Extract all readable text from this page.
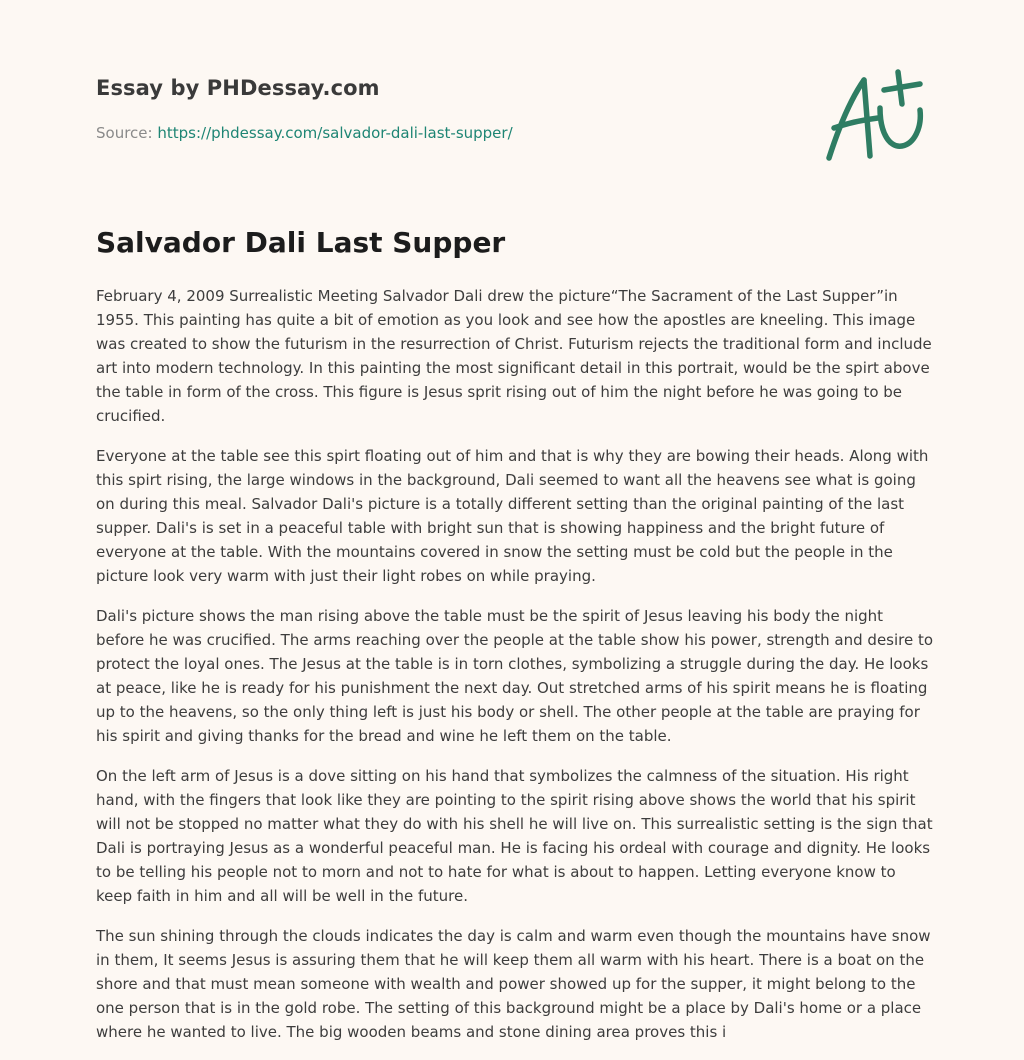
Essay by PHDessay.com
Source: https://phdessay.com/salvador-dali-last-supper/
Salvador Dali Last Supper

February 4, 2009 Surrealistic Meeting Salvador Dali drew the picture“The Sacrament of the Last Supper”in 1955. This painting has quite a bit of emotion as you look and see how the apostles are kneeling. This image was created to show the futurism in the resurrection of Christ. Futurism rejects the traditional form and include art into modern technology. In this painting the most significant detail in this portrait, would be the spirt above the table in form of the cross. This figure is Jesus sprit rising out of him the night before he was going to be crucified.

Everyone at the table see this spirt floating out of him and that is why they are bowing their heads. Along with this spirt rising, the large windows in the background, Dali seemed to want all the heavens see what is going on during this meal. Salvador Dali's picture is a totally different setting than the original painting of the last supper. Dali's is set in a peaceful table with bright sun that is showing happiness and the bright future of everyone at the table. With the mountains covered in snow the setting must be cold but the people in the picture look very warm with just their light robes on while praying.

Dali's picture shows the man rising above the table must be the spirit of Jesus leaving his body the night before he was crucified. The arms reaching over the people at the table show his power, strength and desire to protect the loyal ones. The Jesus at the table is in torn clothes, symbolizing a struggle during the day. He looks at peace, like he is ready for his punishment the next day. Out stretched arms of his spirit means he is floating up to the heavens, so the only thing left is just his body or shell. The other people at the table are praying for his spirit and giving thanks for the bread and wine he left them on the table.

On the left arm of Jesus is a dove sitting on his hand that symbolizes the calmness of the situation. His right hand, with the fingers that look like they are pointing to the spirit rising above shows the world that his spirit will not be stopped no matter what they do with his shell he will live on. This surrealistic setting is the sign that Dali is portraying Jesus as a wonderful peaceful man. He is facing his ordeal with courage and dignity. He looks to be telling his people not to morn and not to hate for what is about to happen. Letting everyone know to keep faith in him and all will be well in the future.

The sun shining through the clouds indicates the day is calm and warm even though the mountains have snow in them, It seems Jesus is assuring them that he will keep them all warm with his heart. There is a boat on the shore and that must mean someone with wealth and power showed up for the supper, it might belong to the one person that is in the gold robe. The setting of this background might be a place by Dali's home or a place where he wanted to live. The big wooden beams and stone dining area proves this i
